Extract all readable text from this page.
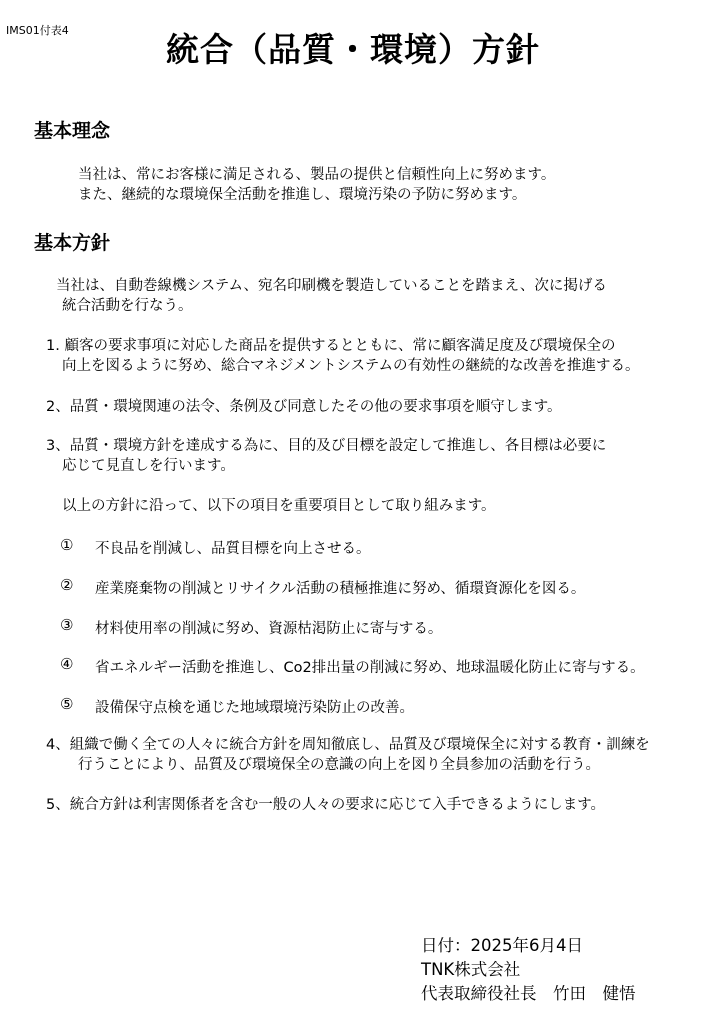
IMS01付表4	統合（品質・環境）方針
基本理念

当社は、常にお客様に満足される、製品の提供と信頼性向上に努めます。

また、継続的な環境保全活動を推進し、環境汚染の予防に努めます。

基本方針

当社は、自動巻線機システム、宛名印刷機を製造していることを踏まえ、次に掲げる

統合活動を行なう。

1. 顧客の要求事項に対応した商品を提供するとともに、常に顧客満足度及び環境保全の

向上を図るように努め、総合マネジメントシステムの有効性の継続的な改善を推進する。

2、品質・環境関連の法令、条例及び同意したその他の要求事項を順守します。

3、品質・環境方針を達成する為に、目的及び目標を設定して推進し、各目標は必要に

応じて見直しを行います。

以上の方針に沿って、以下の項目を重要項目として取り組みます。

① 不良品を削減し、品質目標を向上させる。
② 産業廃棄物の削減とリサイクル活動の積極推進に努め、循環資源化を図る。
③ 材料使用率の削減に努め、資源枯渇防止に寄与する。
④ 省エネルギー活動を推進し、Co2排出量の削減に努め、地球温暖化防止に寄与する。
⑤ 設備保守点検を通じた地域環境汚染防止の改善。

4、組織で働く全ての人々に統合方針を周知徹底し、品質及び環境保全に対する教育・訓練を

行うことにより、品質及び環境保全の意識の向上を図り全員参加の活動を行う。

5、統合方針は利害関係者を含む一般の人々の要求に応じて入手できるようにします。

日付：2025年6月4日

TNK株式会社

代表取締役社長　竹田　健悟
